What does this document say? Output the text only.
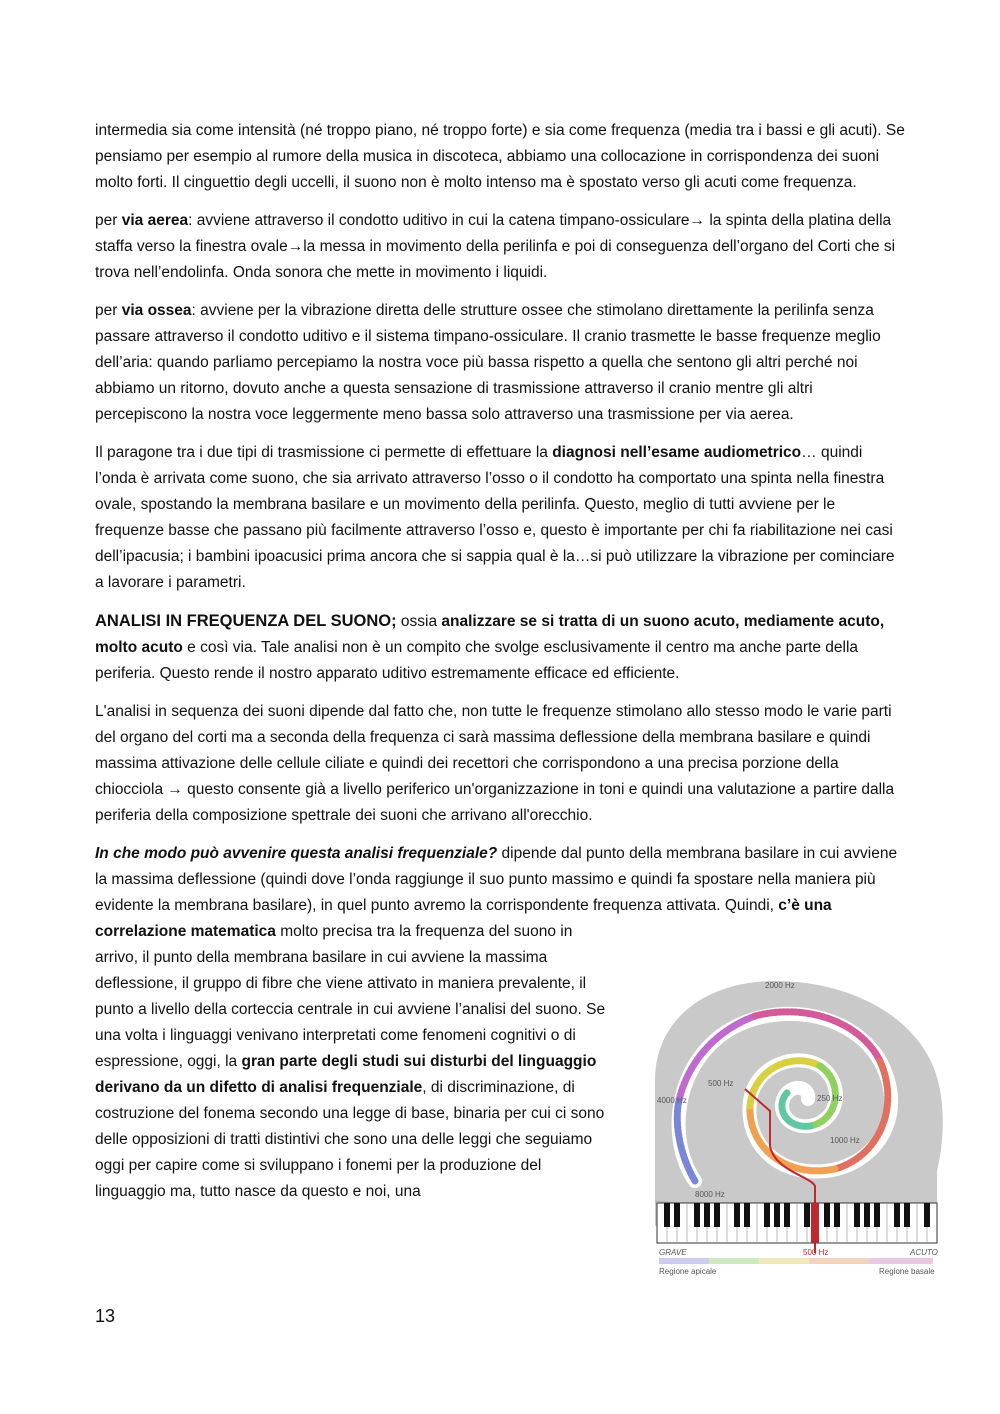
intermedia sia come intensità (né troppo piano, né troppo forte) e sia come frequenza (media tra i bassi e gli acuti). Se pensiamo per esempio al rumore della musica in discoteca, abbiamo una collocazione in corrispondenza dei suoni molto forti. Il cinguettio degli uccelli, il suono non è molto intenso ma è spostato verso gli acuti come frequenza.

per via aerea: avviene attraverso il condotto uditivo in cui la catena timpano-ossiculare→ la spinta della platina della staffa verso la finestra ovale→la messa in movimento della perilinfa e poi di conseguenza dell’organo del Corti che si trova nell’endolinfa. Onda sonora che mette in movimento i liquidi.

per via ossea: avviene per la vibrazione diretta delle strutture ossee che stimolano direttamente la perilinfa senza passare attraverso il condotto uditivo e il sistema timpano-ossiculare. Il cranio trasmette le basse frequenze meglio dell’aria: quando parliamo percepiamo la nostra voce più bassa rispetto a quella che sentono gli altri perché noi abbiamo un ritorno, dovuto anche a questa sensazione di trasmissione attraverso il cranio mentre gli altri percepiscono la nostra voce leggermente meno bassa solo attraverso una trasmissione per via aerea.

Il paragone tra i due tipi di trasmissione ci permette di effettuare la diagnosi nell’esame audiometrico… quindi l’onda è arrivata come suono, che sia arrivato attraverso l’osso o il condotto ha comportato una spinta nella finestra ovale, spostando la membrana basilare e un movimento della perilinfa. Questo, meglio di tutti avviene per le frequenze basse che passano più facilmente attraverso l’osso e, questo è importante per chi fa riabilitazione nei casi dell’ipacusia; i bambini ipoacusici prima ancora che si sappia qual è la…si può utilizzare la vibrazione per cominciare a lavorare i parametri.

ANALISI IN FREQUENZA DEL SUONO; ossia analizzare se si tratta di un suono acuto, mediamente acuto, molto acuto e così via. Tale analisi non è un compito che svolge esclusivamente il centro ma anche parte della periferia. Questo rende il nostro apparato uditivo estremamente efficace ed efficiente.

L'analisi in sequenza dei suoni dipende dal fatto che, non tutte le frequenze stimolano allo stesso modo le varie parti del organo del corti ma a seconda della frequenza ci sarà massima deflessione della membrana basilare e quindi massima attivazione delle cellule ciliate e quindi dei recettori che corrispondono a una precisa porzione della chiocciola → questo consente già a livello periferico un'organizzazione in toni e quindi una valutazione a partire dalla periferia della composizione spettrale dei suoni che arrivano all'orecchio.

In che modo può avvenire questa analisi frequenziale? dipende dal punto della membrana basilare in cui avviene la massima deflessione (quindi dove l’onda raggiunge il suo punto massimo e quindi fa spostare nella maniera più evidente la membrana basilare), in quel punto avremo la corrispondente frequenza attivata. Quindi, c’è una correlazione matematica
2000 Hz
500 Hz
250 Hz
4000 Hz
1000 Hz
8000 Hz
GRAVE	ACUTO
500 Hz
Regione apicale	Regione basale
molto precisa tra la frequenza del suono in arrivo, il punto della membrana basilare in cui avviene la massima deflessione, il gruppo di fibre che viene attivato in maniera prevalente, il punto a livello della corteccia centrale in cui avviene l’analisi del suono. Se una volta i linguaggi venivano interpretati come fenomeni cognitivi o di espressione, oggi, la gran parte degli studi sui disturbi del linguaggio derivano da un difetto di analisi frequenziale, di discriminazione, di costruzione del fonema secondo una legge di base, binaria per cui ci sono delle opposizioni di tratti distintivi che sono una delle leggi che seguiamo oggi per capire come si sviluppano i fonemi per la produzione del linguaggio ma, tutto nasce da questo e noi, una

13
